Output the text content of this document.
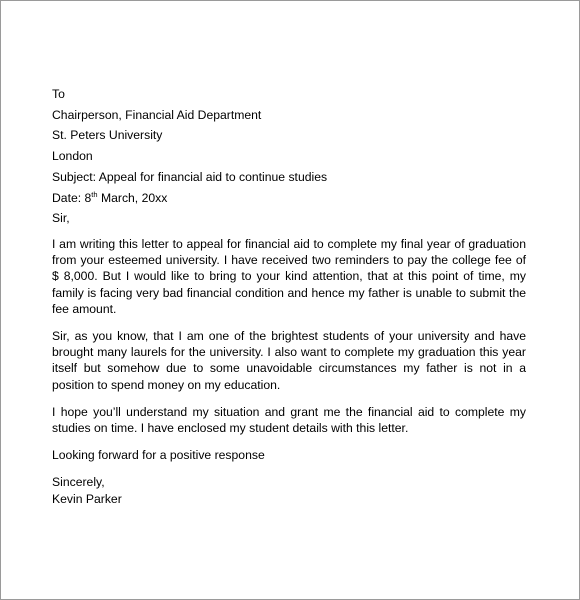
To
Chairperson, Financial Aid Department
St. Peters University
London
Subject: Appeal for financial aid to continue studies
Date: 8th March, 20xx
Sir,

I am writing this letter to appeal for financial aid to complete my final year of graduation from your esteemed university. I have received two reminders to pay the college fee of $ 8,000. But I would like to bring to your kind attention, that at this point of time, my family is facing very bad financial condition and hence my father is unable to submit the fee amount.

Sir, as you know, that I am one of the brightest students of your university and have brought many laurels for the university. I also want to complete my graduation this year itself but somehow due to some unavoidable circumstances my father is not in a position to spend money on my education.

I hope you’ll understand my situation and grant me the financial aid to complete my studies on time. I have enclosed my student details with this letter.

Looking forward for a positive response

Sincerely,
Kevin Parker
